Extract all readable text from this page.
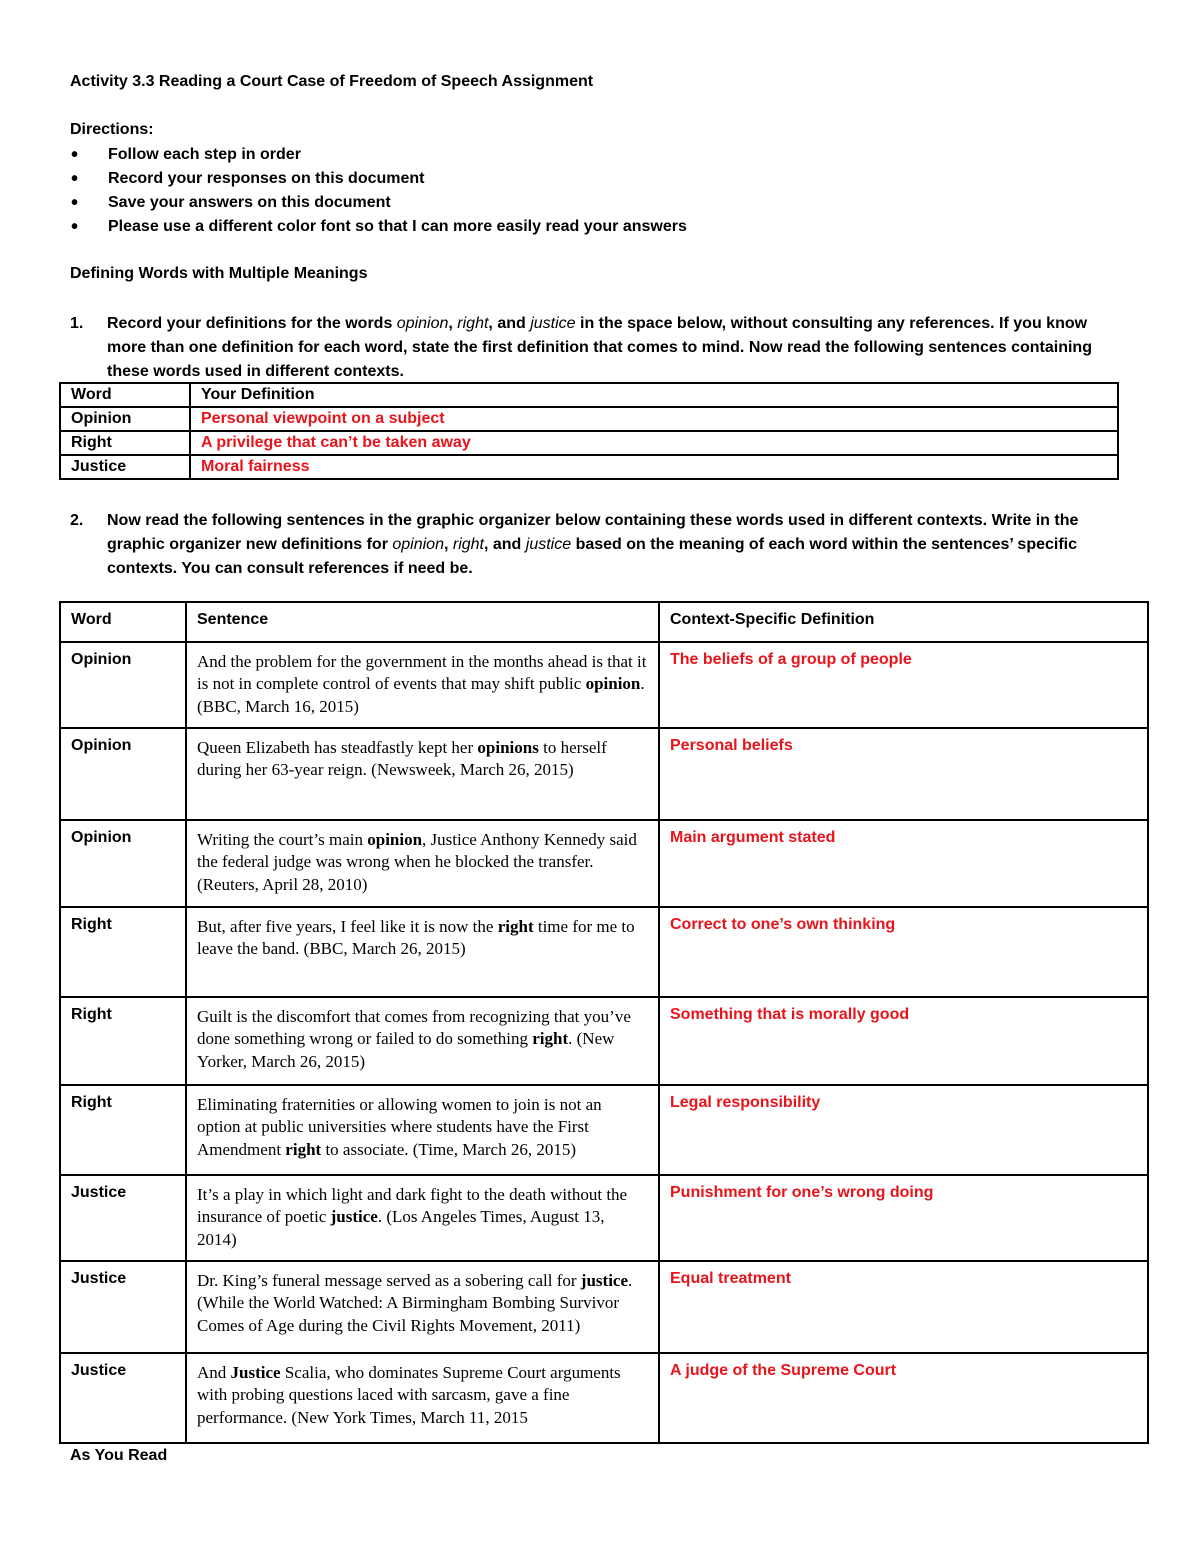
Activity 3.3 Reading a Court Case of Freedom of Speech Assignment
Directions:
• Follow each step in order
• Record your responses on this document
• Save your answers on this document
• Please use a different color font so that I can more easily read your answers
Defining Words with Multiple Meanings
1. Record your definitions for the words opinion, right, and justice in the space below, without consulting any references. If you know more than one definition for each word, state the first definition that comes to mind. Now read the following sentences containing these words used in different contexts.
Word	Your Definition
Opinion	Personal viewpoint on a subject
Right	A privilege that can’t be taken away
Justice	Moral fairness
2. Now read the following sentences in the graphic organizer below containing these words used in different contexts. Write in the graphic organizer new definitions for opinion, right, and justice based on the meaning of each word within the sentences’ specific contexts. You can consult references if need be.
Word	Sentence	Context-Specific Definition
Opinion	And the problem for the government in the months ahead is that it is not in complete control of events that may shift public opinion. (BBC, March 16, 2015)	The beliefs of a group of people
Opinion	Queen Elizabeth has steadfastly kept her opinions to herself during her 63-year reign. (Newsweek, March 26, 2015)	Personal beliefs
Opinion	Writing the court’s main opinion, Justice Anthony Kennedy said the federal judge was wrong when he blocked the transfer. (Reuters, April 28, 2010)	Main argument stated
Right	But, after five years, I feel like it is now the right time for me to leave the band. (BBC, March 26, 2015)	Correct to one’s own thinking
Right	Guilt is the discomfort that comes from recognizing that you’ve done something wrong or failed to do something right. (New Yorker, March 26, 2015)	Something that is morally good
Right	Eliminating fraternities or allowing women to join is not an option at public universities where students have the First Amendment right to associate. (Time, March 26, 2015)	Legal responsibility
Justice	It’s a play in which light and dark fight to the death without the insurance of poetic justice. (Los Angeles Times, August 13, 2014)	Punishment for one’s wrong doing
Justice	Dr. King’s funeral message served as a sobering call for justice. (While the World Watched: A Birmingham Bombing Survivor Comes of Age during the Civil Rights Movement, 2011)	Equal treatment
Justice	And Justice Scalia, who dominates Supreme Court arguments with probing questions laced with sarcasm, gave a fine performance. (New York Times, March 11, 2015	A judge of the Supreme Court
As You Read
